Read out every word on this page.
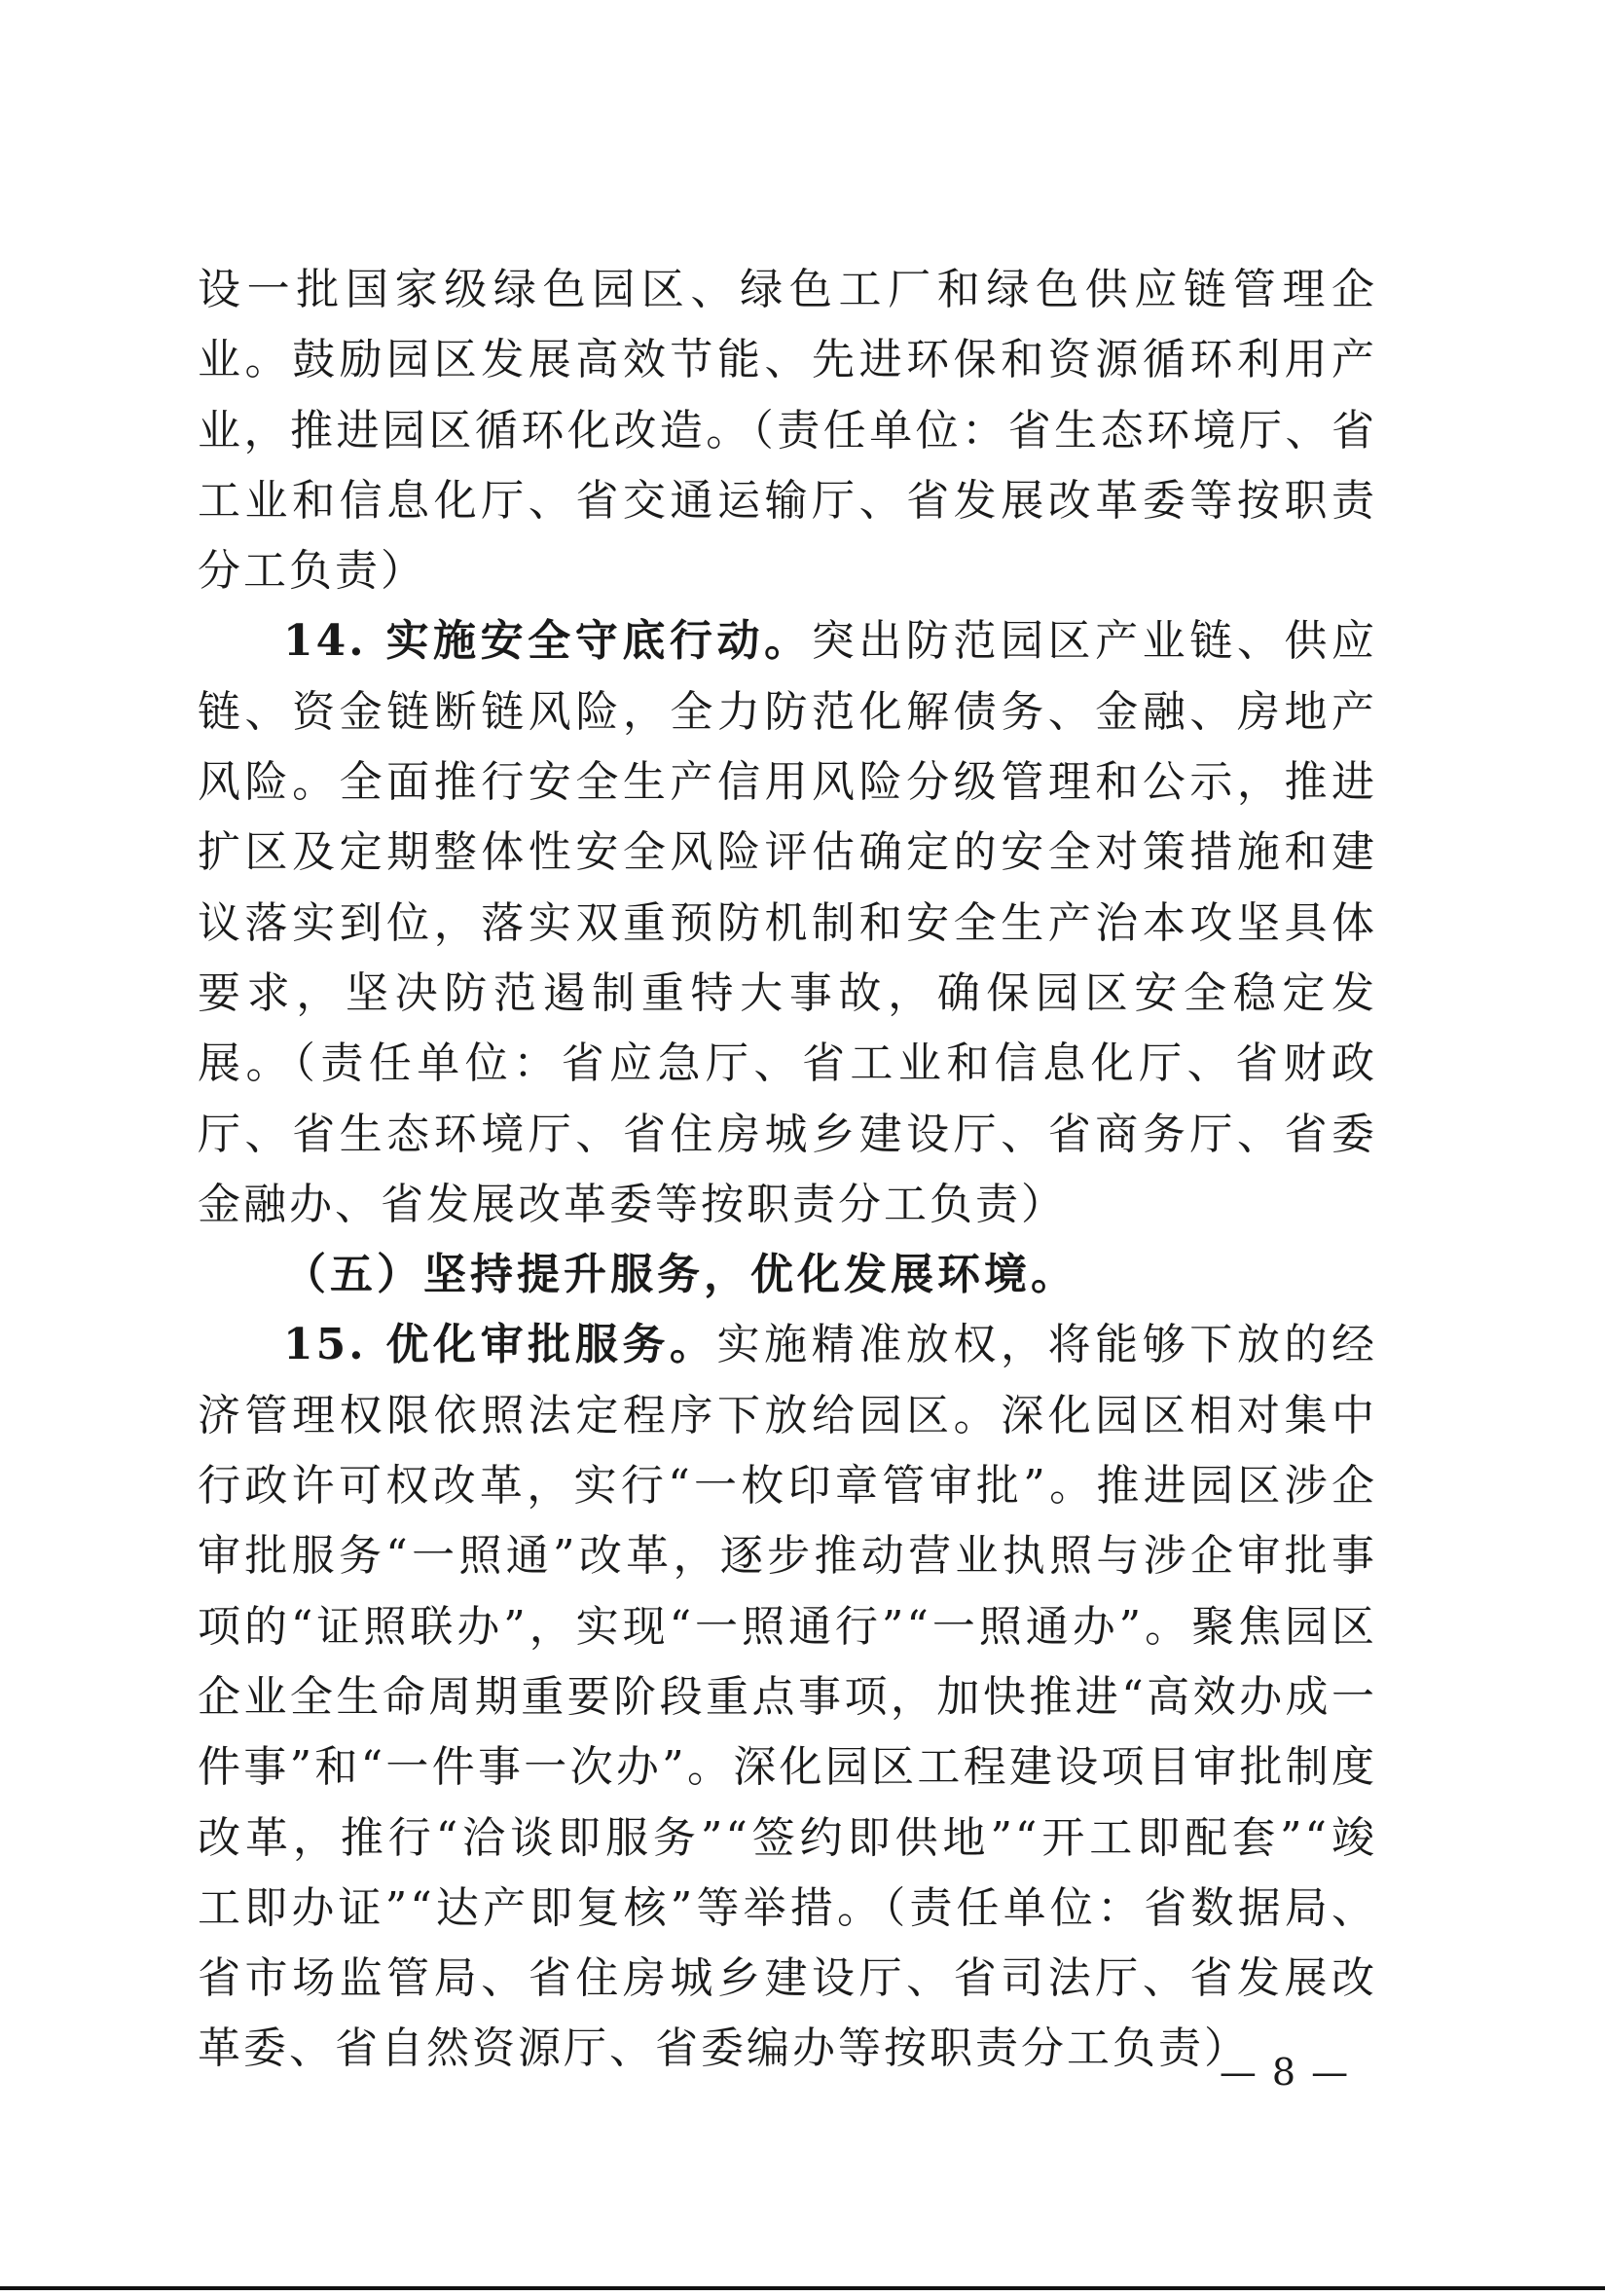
设一批国家级绿色园区、绿色工厂和绿色供应链管理企业。鼓励园区发展高效节能、先进环保和资源循环利用产业，推进园区循环化改造。（责任单位：省生态环境厅、省工业和信息化厅、省交通运输厅、省发展改革委等按职责分工负责）

14. 实施安全守底行动。突出防范园区产业链、供应链、资金链断链风险，全力防范化解债务、金融、房地产风险。全面推行安全生产信用风险分级管理和公示，推进扩区及定期整体性安全风险评估确定的安全对策措施和建议落实到位，落实双重预防机制和安全生产治本攻坚具体要求，坚决防范遏制重特大事故，确保园区安全稳定发展。（责任单位：省应急厅、省工业和信息化厅、省财政厅、省生态环境厅、省住房城乡建设厅、省商务厅、省委金融办、省发展改革委等按职责分工负责）

（五）坚持提升服务，优化发展环境。

15. 优化审批服务。实施精准放权，将能够下放的经济管理权限依照法定程序下放给园区。深化园区相对集中行政许可权改革，实行“一枚印章管审批”。推进园区涉企审批服务“一照通”改革，逐步推动营业执照与涉企审批事项的“证照联办”，实现“一照通行”“一照通办”。聚焦园区企业全生命周期重要阶段重点事项，加快推进“高效办成一件事”和“一件事一次办”。深化园区工程建设项目审批制度改革，推行“洽谈即服务”“签约即供地”“开工即配套”“竣工即办证”“达产即复核”等举措。（责任单位：省数据局、省市场监管局、省住房城乡建设厅、省司法厅、省发展改革委、省自然资源厅、省委编办等按职责分工负责）

— 8 —
